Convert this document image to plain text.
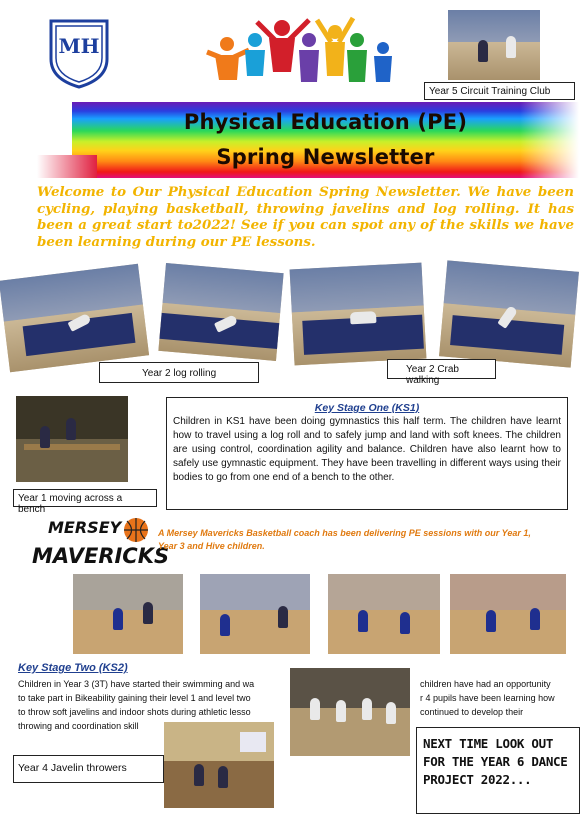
MH
Year 5 Circuit Training Club
Physical Education (PE)
Spring Newsletter
Welcome to Our Physical Education Spring Newsletter. We have been cycling, playing basketball, throwing javelins and log rolling. It has been a great start to2022! See if you can spot any of the skills we have been learning during our PE lessons.
Year 2 log rolling	Year 2 Crab walking
Year 1 moving across a bench
Key Stage One (KS1)
Children in KS1 have been doing gymnastics this half term. The children have learnt how to travel using a log roll and to safely jump and land with soft knees. The children are using control, coordination agility and balance. Children have also learnt how to safely use gymnastic equipment. They have been travelling in different ways using their bodies to go from one end of a bench to the other.
MERSEY
MAVERICKS
A Mersey Mavericks Basketball coach has been delivering PE sessions with our Year 1, Year 3 and Hive children.
Key Stage Two (KS2)
Children in Year 3 (3T) have started their swimming and wa	children have had an opportunity
to take part in Bikeability gaining their level 1 and level two	r 4 pupils have been learning how
to throw soft javelins and indoor shots during athletic lesso	continued to develop their
throwing and coordination skill
Year 4 Javelin throwers
NEXT TIME LOOK OUT FOR THE YEAR 6 DANCE PROJECT 2022...
